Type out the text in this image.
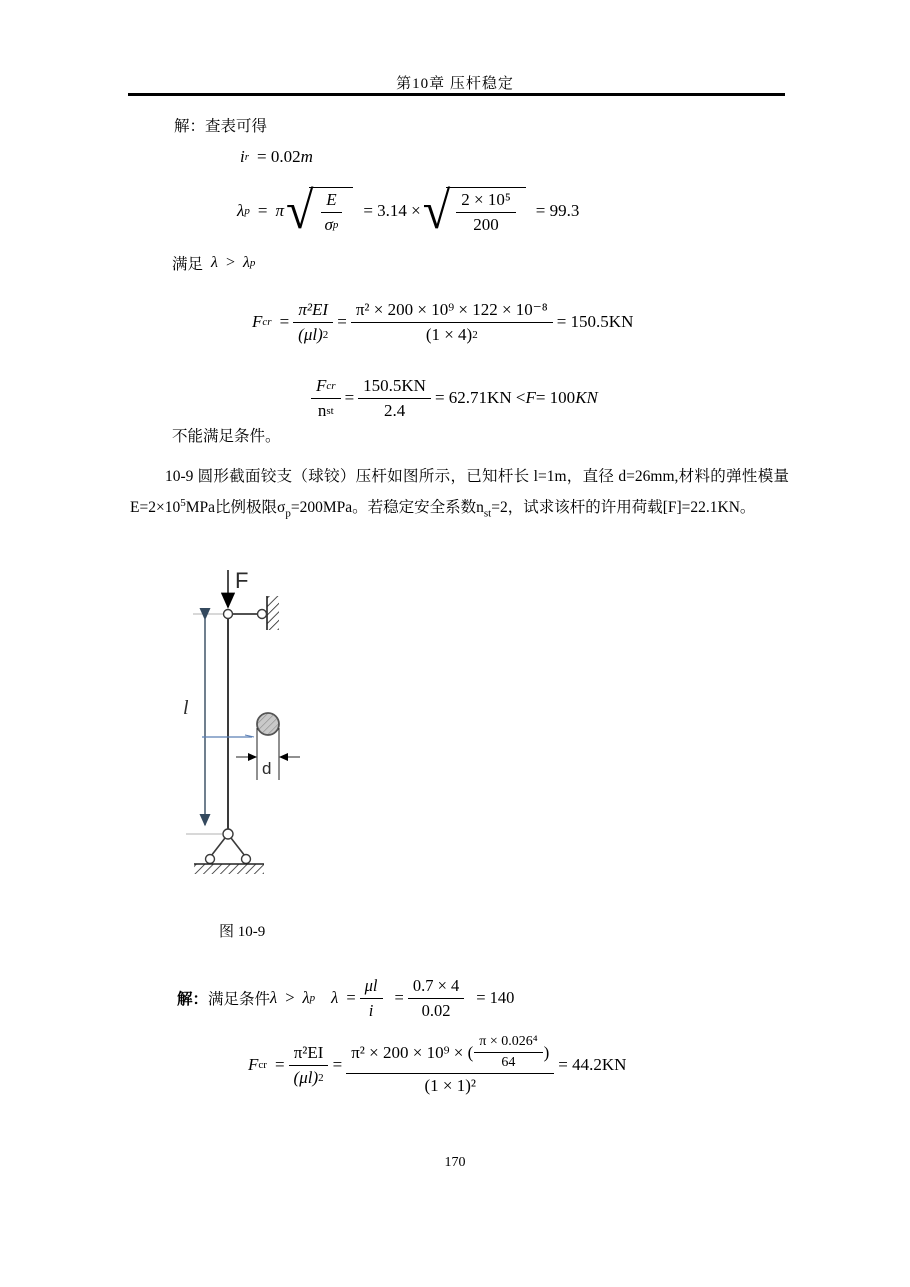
第10章 压杆稳定
解：查表可得
i r = 0.02 m
λ p = π √ $\frac{E}{\text{σ p}} = 3.14$ × √ $\frac{\text{2 × 10⁵}}{200} = 99.3$
满足 λ > λ p
F cr = $\frac{\text{π²EI}}{(\mu l) 2} = \frac{\text{π² × 200 × 10⁹ × 122 × 10⁻⁸}}{(1 \times 4) 2} = 150.5KN$
$\frac{\text{F cr}}{\text{n st}} = \frac{150.5KN}{2.4} = 62.71KN < F = 100$ KN
不能满足条件。
10-9 圆形截面铰支（球铰）压杆如图所示，已知杆长 l=1m，直径 d=26mm,材料的弹性模量 $E=2\times 10^5MPa$比例极限$\sigma_p=200MPa$。若稳定安全系数$n_{st}=2$，试求该杆的许用荷载[F]=22.1KN。
F
l
d
图 10-9
解： 满足条件 λ > λ p $\lambda = \frac{\mu l}{i} = \frac{0.7 \times 4}{0.02} = 140$
F cr = $\frac{\text{π²EI}}{(\mu l) 2}$ =
π² × 200 × 10⁹ × ( $\frac{\text{π × 0.026⁴}}{64}$ )
(1 × 1)²
= 44.2KN
170
